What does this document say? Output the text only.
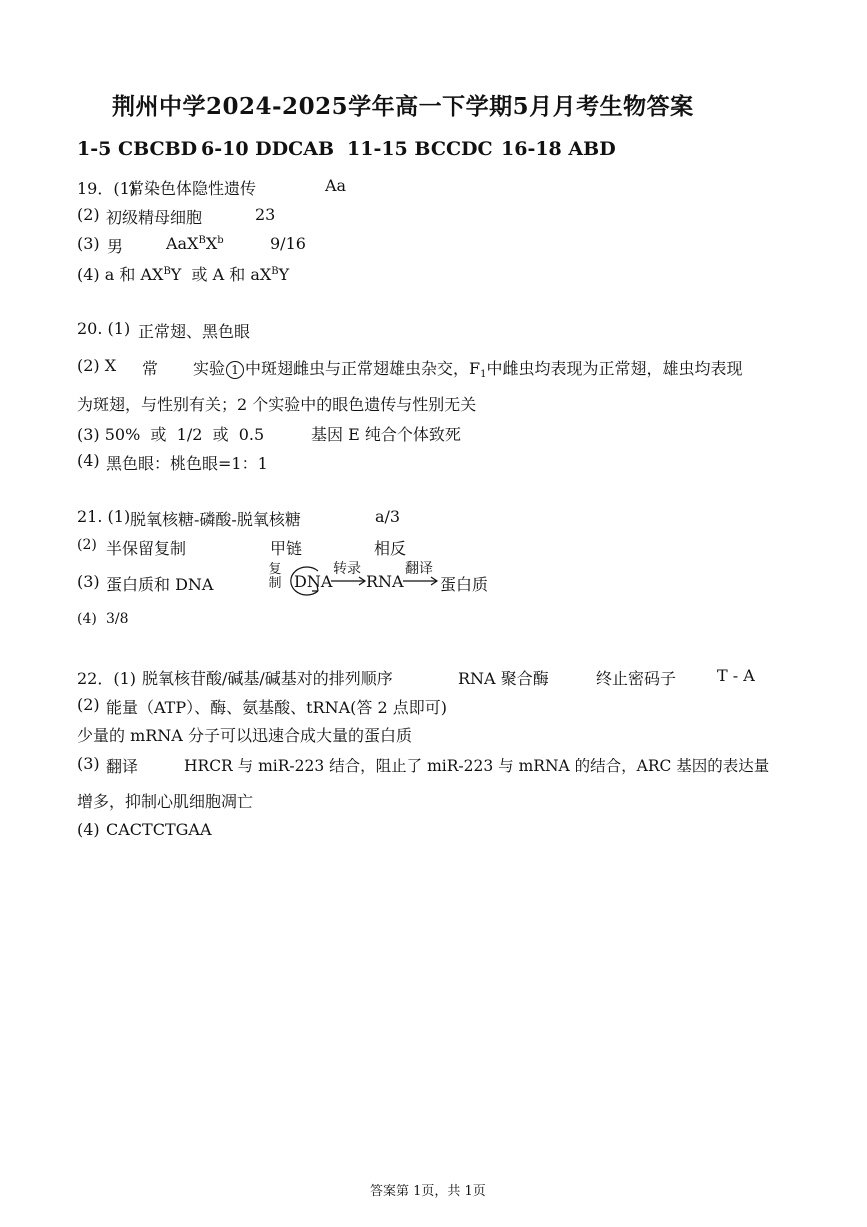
荆州中学2024-2025学年高一下学期5月月考生物答案
1-5 CBCBD 6-10 DDCAB 11-15 BCCDC 16-18 ABD
19．(1)
常染色体隐性遗传	Aa
(2) 初级精母细胞	23
(3) 男	$AaX^BX^b$	9/16
(4) a 和 $AX^BY$  或 A 和 $aX^BY$
20. (1) 正常翅、黑色眼
(2) X 常 实验 1 中斑翅雌虫与正常翅雄虫杂交，$F_1$中雌虫均表现为正常翅，雄虫均表现
为斑翅，与性别有关；2 个实验中的眼色遗传与性别无关
(3) 50%  或  1/2  或  0.5	基因 E 纯合个体致死
(4) 黑色眼：桃色眼=1：1
21. (1) 脱氧核糖-磷酸-脱氧核糖	a/3
(2) 半保留复制	甲链	相反
(3) 蛋白质和 DNA
复制 DNA
转录
RNA
翻译
蛋白质
(4) 3/8
22．(1) 脱氧核苷酸/碱基/碱基对的排列顺序	RNA 聚合酶	终止密码子	T - A
(2) 能量（ATP）、酶、氨基酸、tRNA(答 2 点即可)
少量的 mRNA 分子可以迅速合成大量的蛋白质
(3) 翻译	HRCR 与 miR-223 结合，阻止了 miR-223 与 mRNA 的结合，ARC 基因的表达量
增多，抑制心肌细胞凋亡
(4) CACTCTGAA
答案第 1页，共 1页
